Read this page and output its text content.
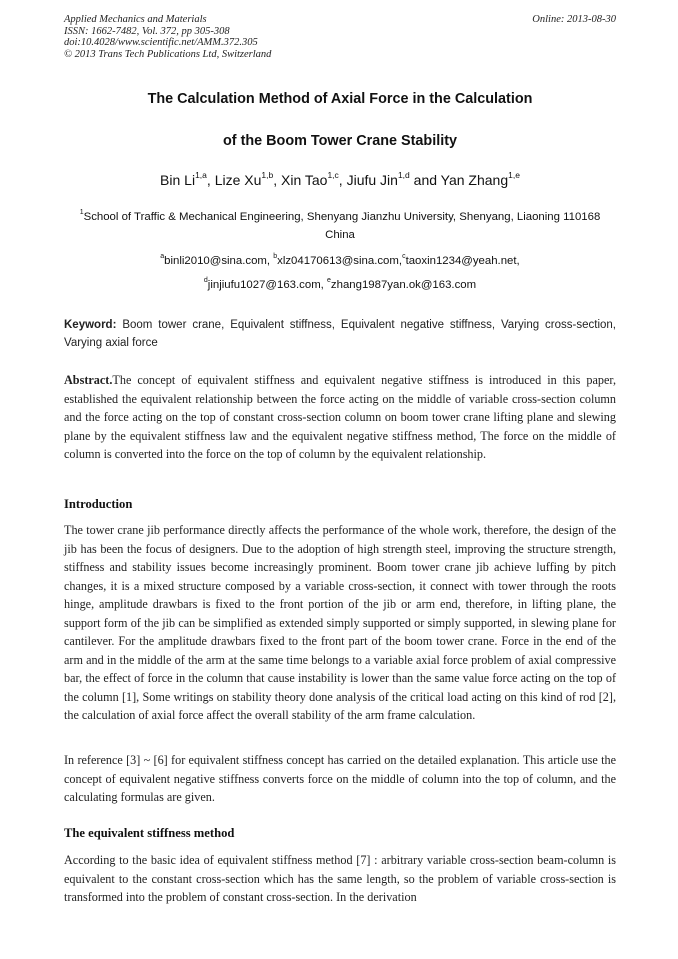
Applied Mechanics and Materials
ISSN: 1662-7482, Vol. 372, pp 305-308
doi:10.4028/www.scientific.net/AMM.372.305
© 2013 Trans Tech Publications Ltd, Switzerland
Online: 2013-08-30
The Calculation Method of Axial Force in the Calculation
of the Boom Tower Crane Stability
Bin Li$^{1,a}$, Lize Xu$^{1,b}$, Xin Tao$^{1,c}$, Jiufu Jin$^{1,d}$ and Yan Zhang$^{1,e}$
$^1$School of Traffic & Mechanical Engineering, Shenyang Jianzhu University, Shenyang, Liaoning 110168 China
$^a$binli2010@sina.com, $^b$xlz04170613@sina.com,$^c$taoxin1234@yeah.net,
$^d$jinjiufu1027@163.com, $^e$zhang1987yan.ok@163.com
Keyword: Boom tower crane, Equivalent stiffness, Equivalent negative stiffness, Varying cross-section, Varying axial force
Abstract.The concept of equivalent stiffness and equivalent negative stiffness is introduced in this paper, established the equivalent relationship between the force acting on the middle of variable cross-section column and the force acting on the top of constant cross-section column on boom tower crane lifting plane and slewing plane by the equivalent stiffness law and the equivalent negative stiffness method, The force on the middle of column is converted into the force on the top of column by the equivalent relationship.
Introduction
The tower crane jib performance directly affects the performance of the whole work, therefore, the design of the jib has been the focus of designers. Due to the adoption of high strength steel, improving the structure strength, stiffness and stability issues become increasingly prominent. Boom tower crane jib achieve luffing by pitch changes, it is a mixed structure composed by a variable cross-section, it connect with tower through the roots hinge, amplitude drawbars is fixed to the front portion of the jib or arm end, therefore, in lifting plane, the support form of the jib can be simplified as extended simply supported or simply supported, in slewing plane for cantilever. For the amplitude drawbars fixed to the front part of the boom tower crane. Force in the end of the arm and in the middle of the arm at the same time belongs to a variable axial force problem of axial compressive bar, the effect of force in the column that cause instability is lower than the same value force acting on the top of the column [1], Some writings on stability theory done analysis of the critical load acting on this kind of rod [2], the calculation of axial force affect the overall stability of the arm frame calculation.
In reference [3] ~ [6] for equivalent stiffness concept has carried on the detailed explanation. This article use the concept of equivalent negative stiffness converts force on the middle of column into the top of column, and the calculating formulas are given.
The equivalent stiffness method
According to the basic idea of equivalent stiffness method [7] : arbitrary variable cross-section beam-column is equivalent to the constant cross-section which has the same length, so the problem of variable cross-section is transformed into the problem of constant cross-section. In the derivation
